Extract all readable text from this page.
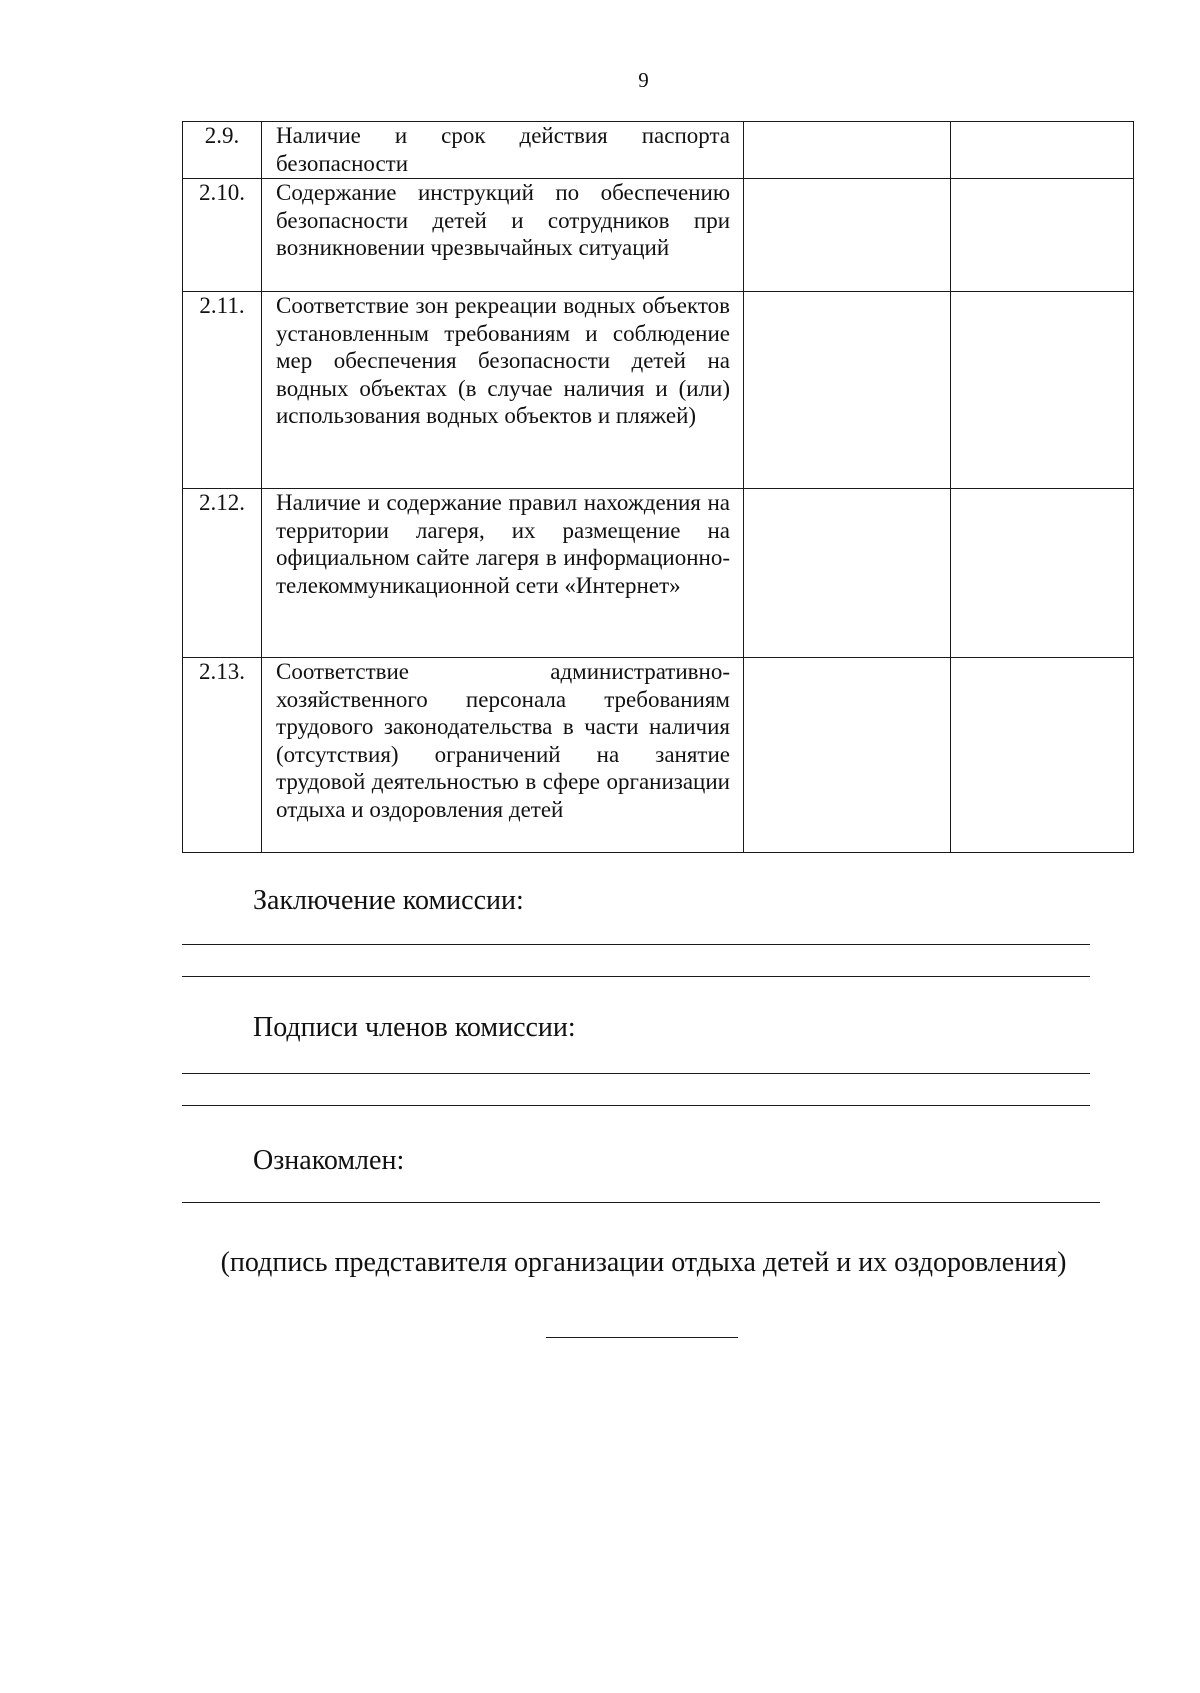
9
2.9.	Наличие и срок действия паспорта безопасности		
2.10.	Содержание инструкций по обеспечению безопасности детей и сотрудников при возникновении чрезвычайных ситуаций		
2.11.	Соответствие зон рекреации водных объектов установленным требованиям и соблюдение мер обеспечения безопасности детей на водных объектах (в случае наличия и (или) использования водных объектов и пляжей)		
2.12.	Наличие и содержание правил нахождения на территории лагеря, их размещение на официальном сайте лагеря в информационно-телекоммуникационной сети «Интернет»		
2.13.	Соответствие административно-хозяйственного персонала требованиям трудового законодательства в части наличия (отсутствия) ограничений на занятие трудовой деятельностью в сфере организации отдыха и оздоровления детей		
Заключение комиссии:
Подписи членов комиссии:
Ознакомлен:
(подпись представителя организации отдыха детей и их оздоровления)
